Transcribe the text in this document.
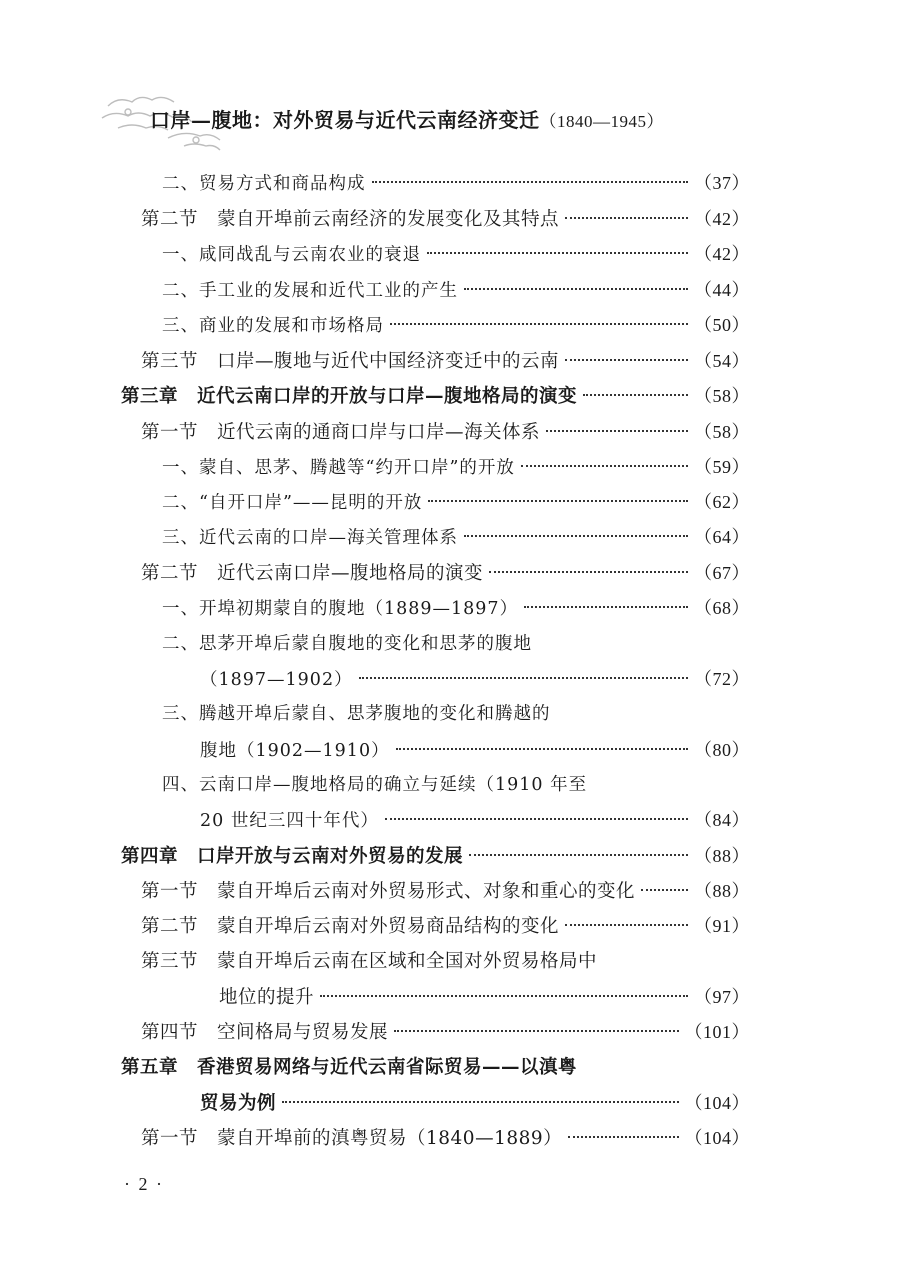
口岸—腹地：对外贸易与近代云南经济变迁（1840—1945）
二、贸易方式和商品构成	（37）
第二节　蒙自开埠前云南经济的发展变化及其特点	（42）
一、咸同战乱与云南农业的衰退	（42）
二、手工业的发展和近代工业的产生	（44）
三、商业的发展和市场格局	（50）
第三节　口岸—腹地与近代中国经济变迁中的云南	（54）
第三章　近代云南口岸的开放与口岸—腹地格局的演变	（58）
第一节　近代云南的通商口岸与口岸—海关体系	（58）
一、蒙自、思茅、腾越等“约开口岸”的开放	（59）
二、“自开口岸”——昆明的开放	（62）
三、近代云南的口岸—海关管理体系	（64）
第二节　近代云南口岸—腹地格局的演变	（67）
一、开埠初期蒙自的腹地（1889—1897）	（68）
二、思茅开埠后蒙自腹地的变化和思茅的腹地
（1897—1902）	（72）
三、腾越开埠后蒙自、思茅腹地的变化和腾越的
腹地（1902—1910）	（80）
四、云南口岸—腹地格局的确立与延续（1910 年至
20 世纪三四十年代）	（84）
第四章　口岸开放与云南对外贸易的发展	（88）
第一节　蒙自开埠后云南对外贸易形式、对象和重心的变化	（88）
第二节　蒙自开埠后云南对外贸易商品结构的变化	（91）
第三节　蒙自开埠后云南在区域和全国对外贸易格局中
地位的提升	（97）
第四节　空间格局与贸易发展	（101）
第五章　香港贸易网络与近代云南省际贸易——以滇粤
贸易为例	（104）
第一节　蒙自开埠前的滇粤贸易（1840—1889）	（104）
· 2 ·
